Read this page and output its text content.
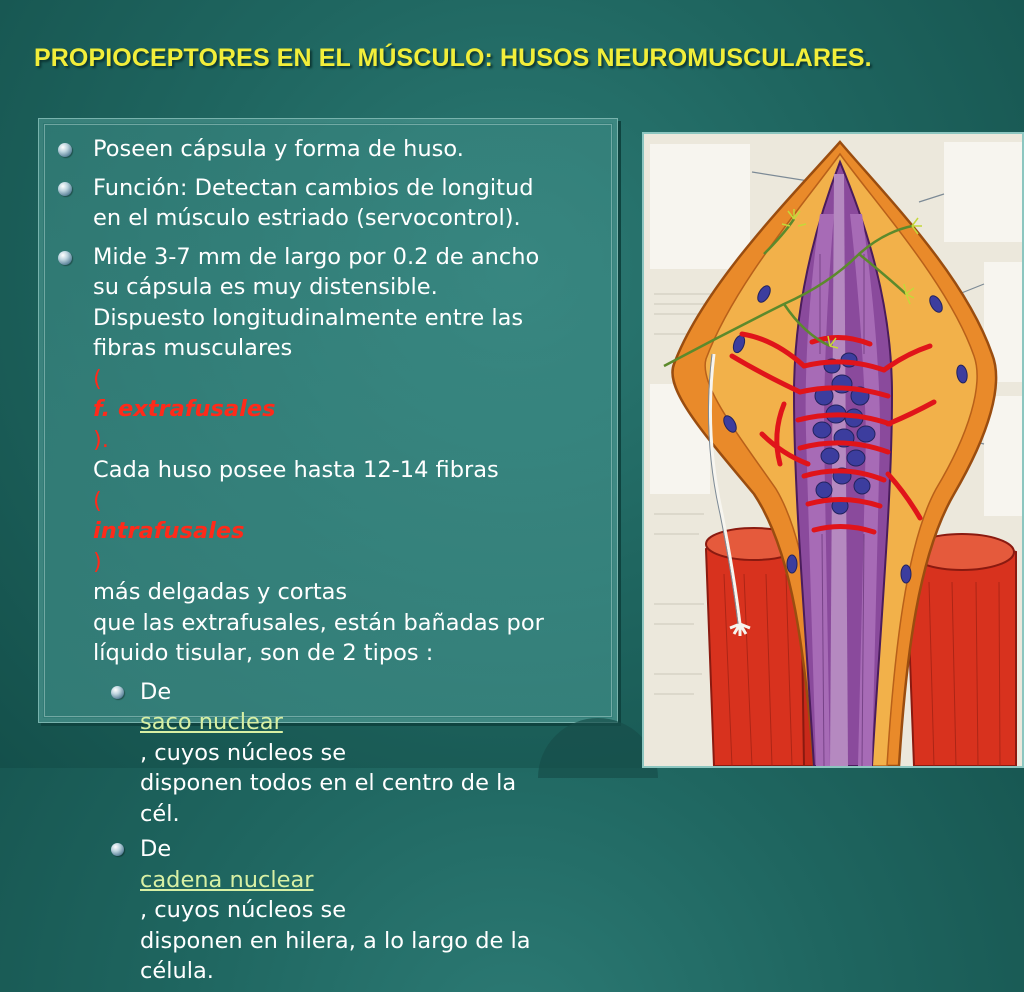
PROPIOCEPTORES EN EL MÚSCULO: HUSOS NEUROMUSCULARES.
Poseen cápsula y forma de huso.
Función: Detectan cambios de longitud
en el músculo estriado (servocontrol).
Mide 3-7 mm de largo por 0.2 de ancho
su cápsula es muy distensible.
Dispuesto longitudinalmente entre las
fibras musculares
(
f. extrafusales
).
Cada huso posee hasta 12-14 fibras
(
intrafusales
)
más delgadas y cortas
que las extrafusales, están bañadas por
líquido tisular, son de 2 tipos :
De
saco nuclear
, cuyos núcleos se
disponen todos en el centro de la
cél.
De
cadena nuclear
, cuyos núcleos se
disponen en hilera, a lo largo de la
célula.
